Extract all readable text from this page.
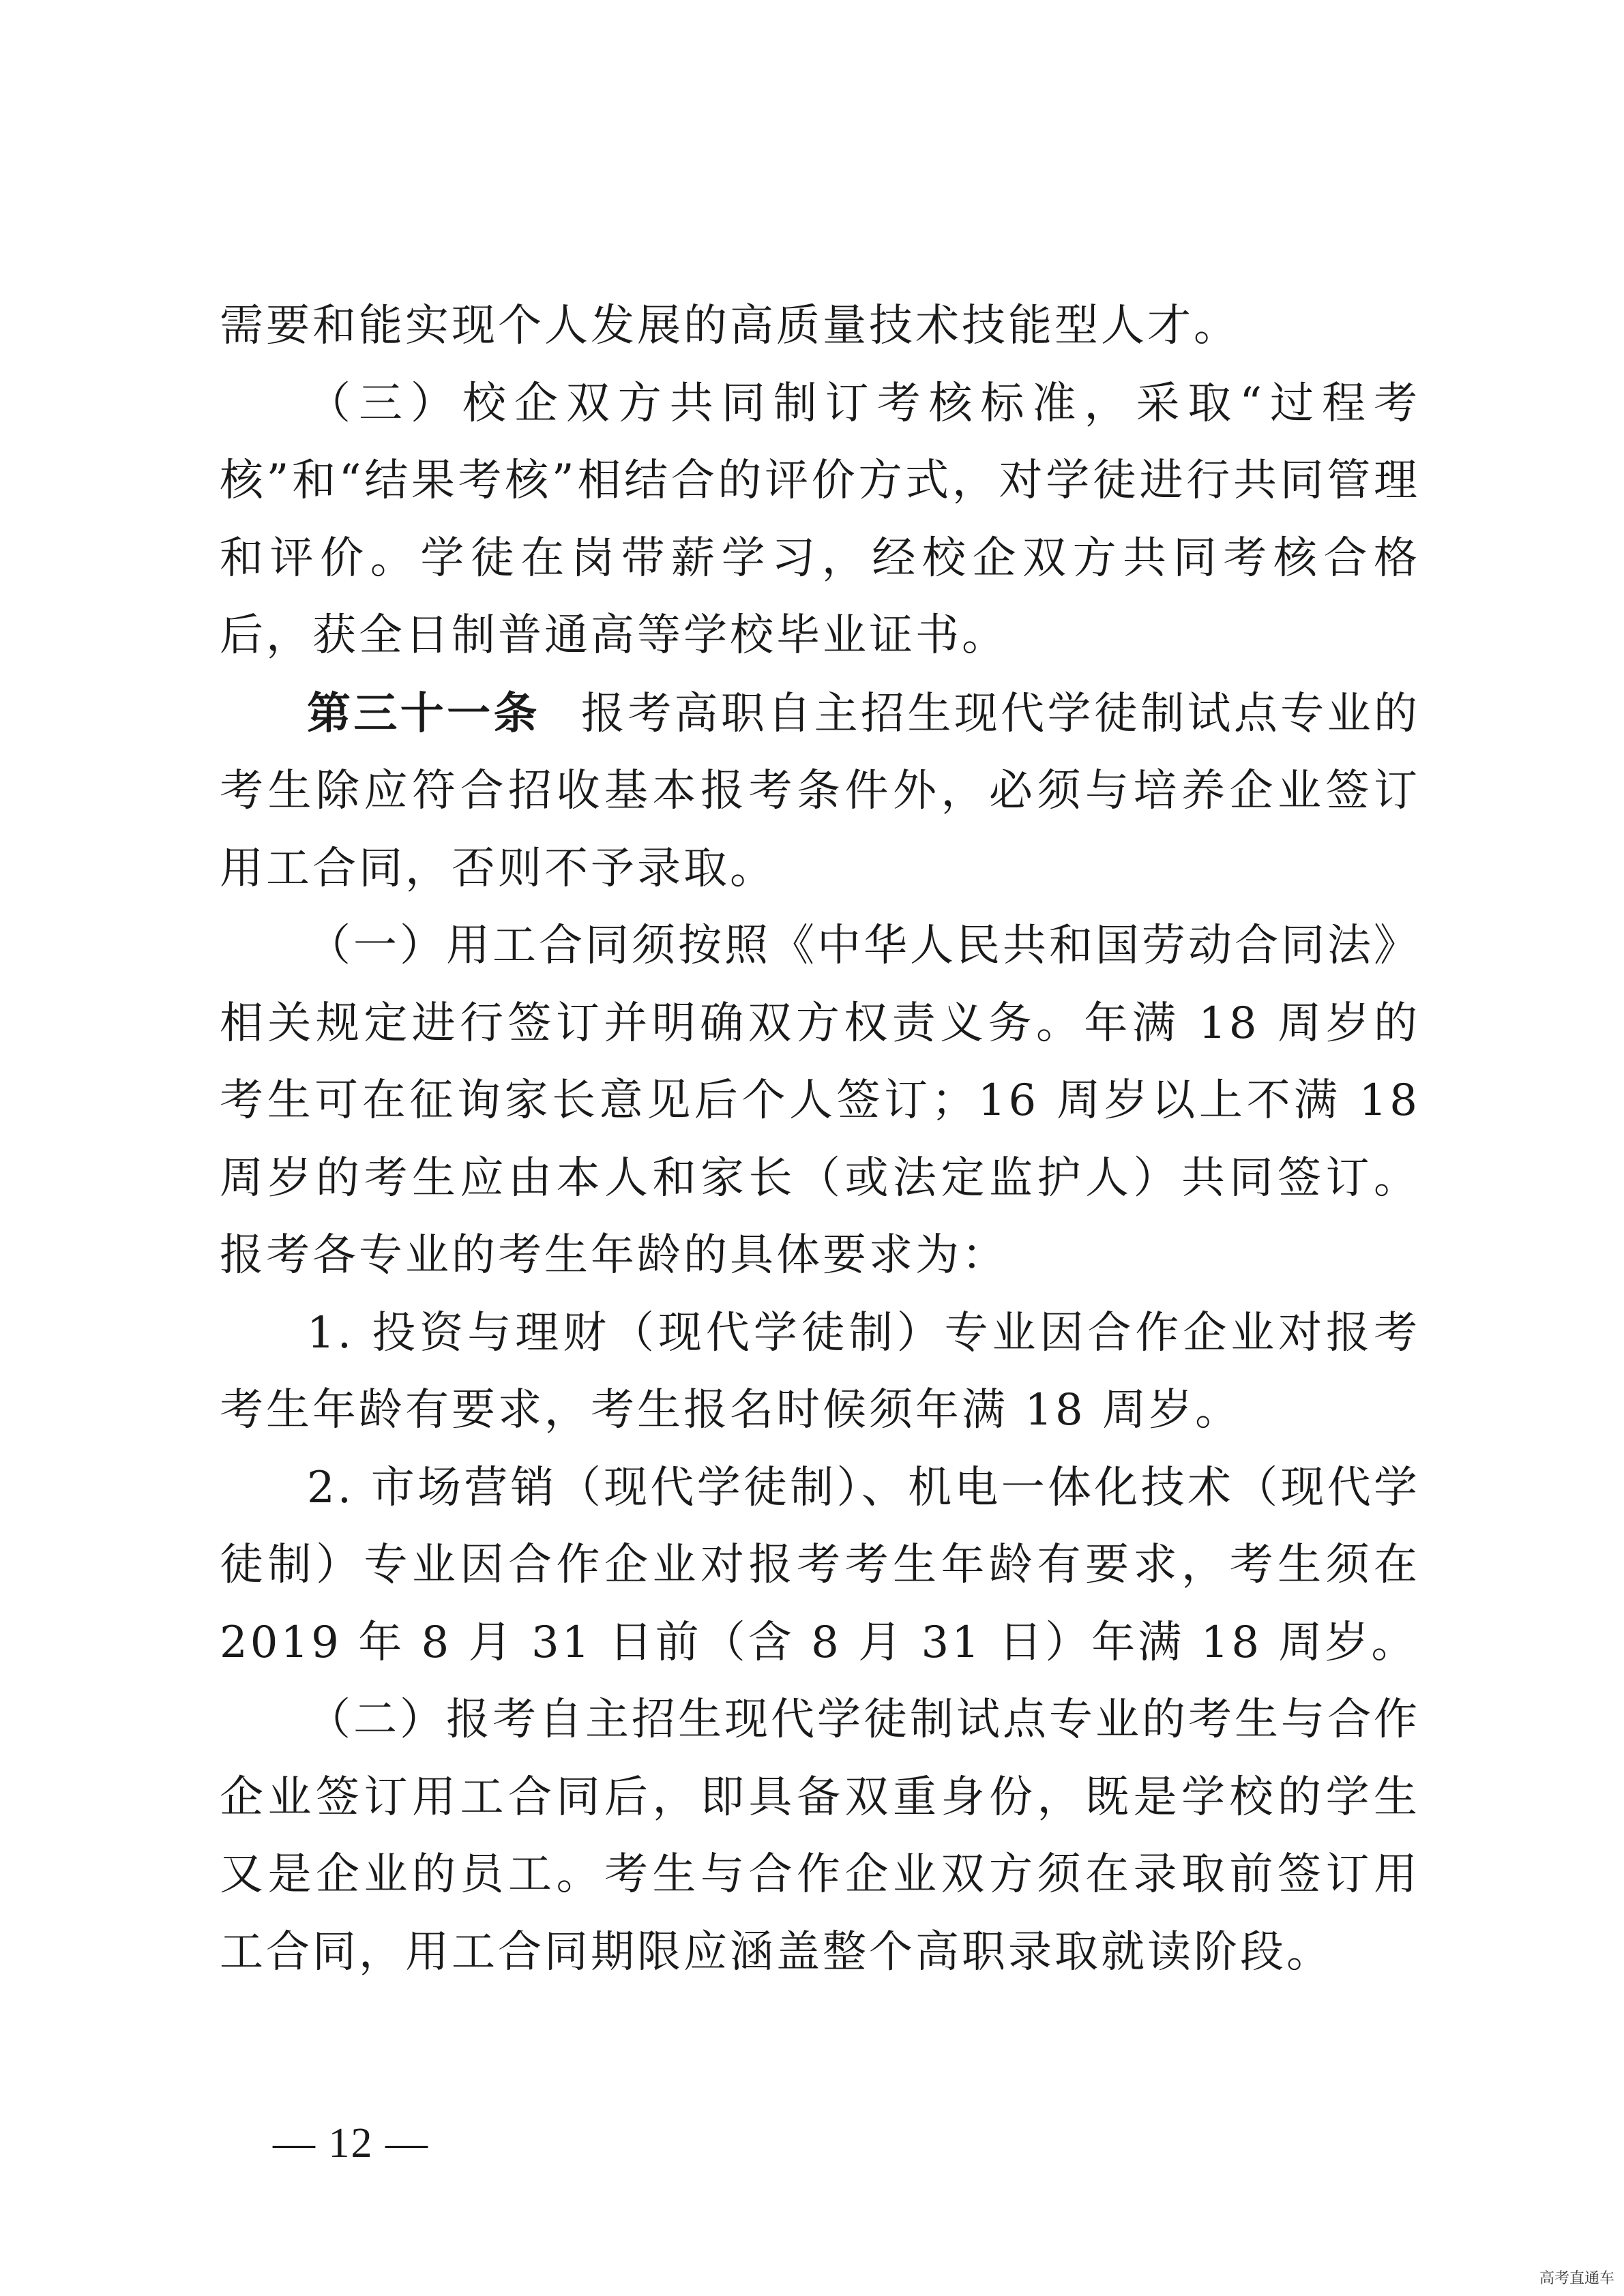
需要和能实现个人发展的高质量技术技能型人才。

（三）校企双方共同制订考核标准，采取“过程考核”和“结果考核”相结合的评价方式，对学徒进行共同管理和评价。学徒在岗带薪学习，经校企双方共同考核合格后，获全日制普通高等学校毕业证书。

第三十一条 报考高职自主招生现代学徒制试点专业的考生除应符合招收基本报考条件外，必须与培养企业签订用工合同，否则不予录取。

（一）用工合同须按照《中华人民共和国劳动合同法》相关规定进行签订并明确双方权责义务。年满 18 周岁的考生可在征询家长意见后个人签订；16 周岁以上不满 18 周岁的考生应由本人和家长（或法定监护人）共同签订。报考各专业的考生年龄的具体要求为：

1. 投资与理财（现代学徒制）专业因合作企业对报考考生年龄有要求，考生报名时候须年满 18 周岁。

2. 市场营销（现代学徒制）、机电一体化技术（现代学徒制）专业因合作企业对报考考生年龄有要求，考生须在 2019 年 8 月 31 日前（含 8 月 31 日）年满 18 周岁。

（二）报考自主招生现代学徒制试点专业的考生与合作企业签订用工合同后，即具备双重身份，既是学校的学生又是企业的员工。考生与合作企业双方须在录取前签订用工合同，用工合同期限应涵盖整个高职录取就读阶段。

— 12 —
高考直通车
